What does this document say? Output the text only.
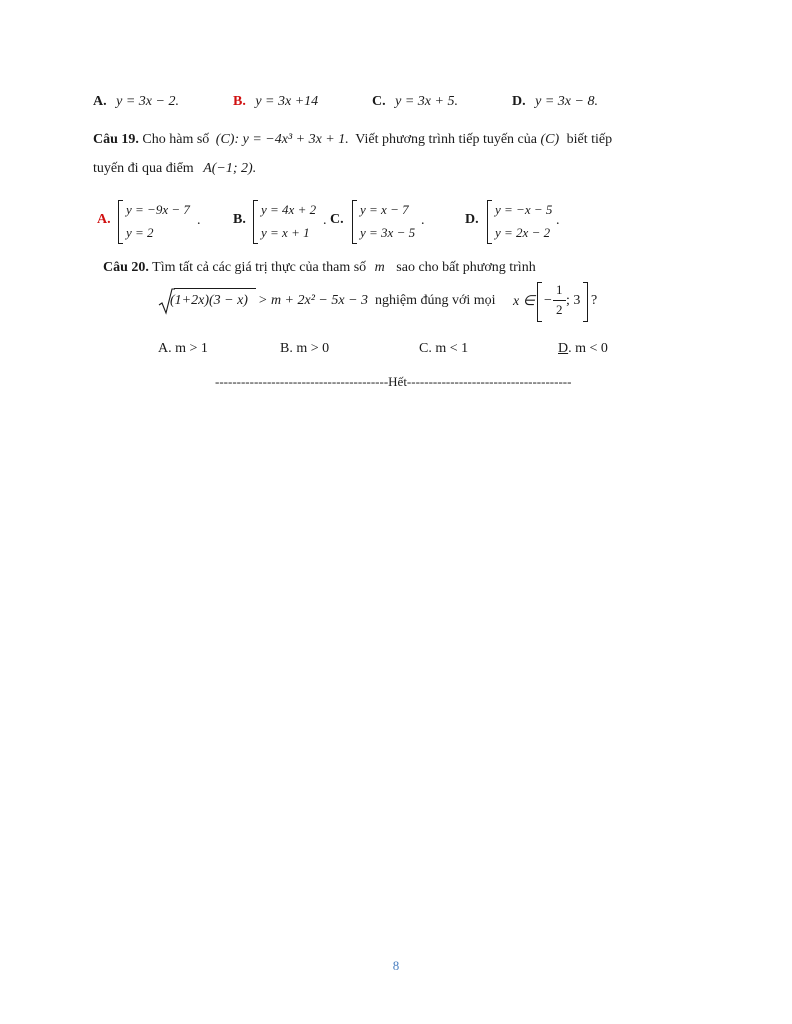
A. y = 3x − 2.	B. y = 3x +14	C. y = 3x + 5.	D. y = 3x − 8.
Câu 19. Cho hàm số (C): y = −4x³ + 3x + 1. Viết phương trình tiếp tuyến của (C) biết tiếp
tuyến đi qua điểm A(−1; 2).
A.
y = −9x − 7
y = 2
. B.
y = 4x + 2
y = x + 1
. C.
y = x − 7
y = 3x − 5
.	D.
y = −x − 5
y = 2x − 2
.
Câu 20. Tìm tất cả các giá trị thực của tham số m sao cho bất phương trình
(1+2x)(3 − x) > m + 2x² − 5x − 3 nghiệm đúng với mọi x ∈ −
1
2
; 3 ?
A. m > 1	B. m > 0	C. m < 1	D. m < 0
----------------------------------------Hết--------------------------------------
8
